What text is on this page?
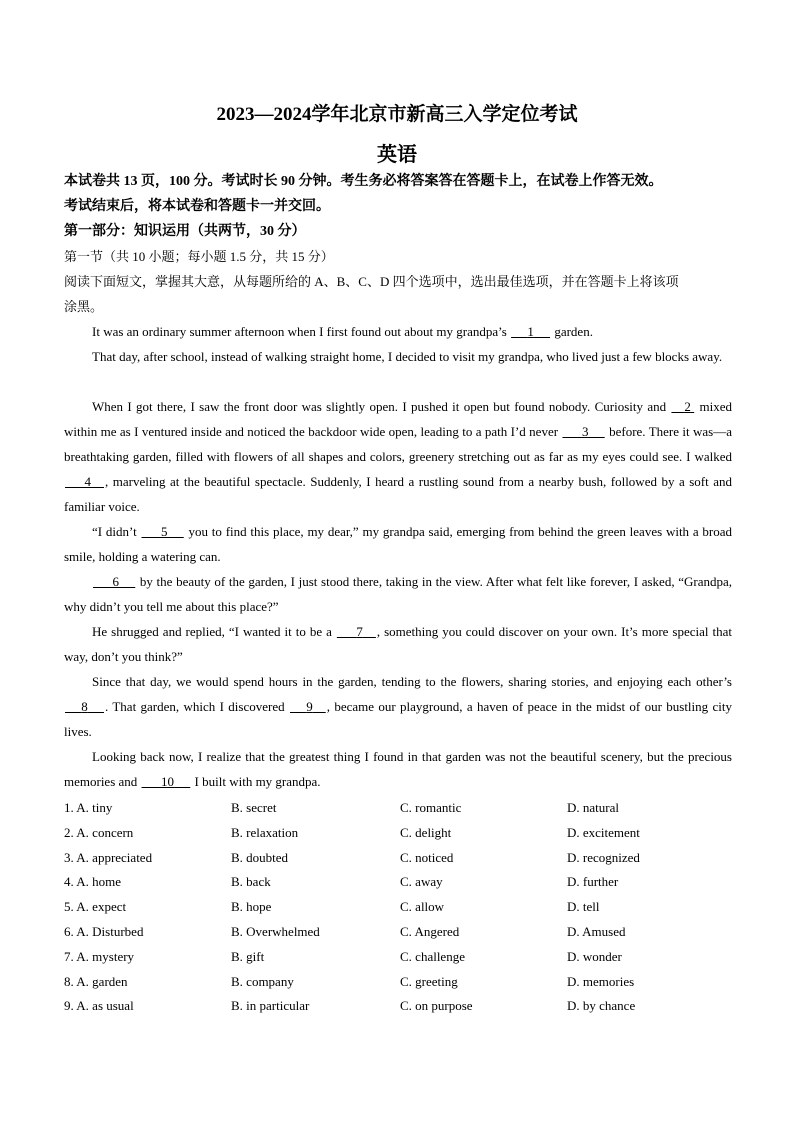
2023—2024学年北京市新高三入学定位考试
英语
本试卷共 13 页，100 分。考试时长 90 分钟。考生务必将答案答在答题卡上，在试卷上作答无效。
考试结束后，将本试卷和答题卡一并交回。
第一部分：知识运用（共两节，30 分）
第一节（共 10 小题；每小题 1.5 分，共 15 分）
阅读下面短文，掌握其大意，从每题所给的 A、B、C、D 四个选项中，选出最佳选项，并在答题卡上将该项
涂黑。
It was an ordinary summer afternoon when I first found out about my grandpa’s      1      garden.
That day, after school, instead of walking straight home, I decided to visit my grandpa, who lived just a few blocks away.
When I got there, I saw the front door was slightly open. I pushed it open but found nobody. Curiosity and     2  mixed within me as I ventured inside and noticed the backdoor wide open, leading to a path I’d never       3      before. There it was—a breathtaking garden, filled with flowers of all shapes and colors, greenery stretching out as far as my eyes could see. I walked       4 , marveling at the beautiful spectacle. Suddenly, I heard a rustling sound from a nearby bush, followed by a soft and familiar voice.
“I didn’t       5      you to find this place, my dear,” my grandpa said, emerging from behind the green leaves with a broad smile, holding a watering can.
6      by the beauty of the garden, I just stood there, taking in the view. After what felt like forever, I asked, “Grandpa, why didn’t you tell me about this place?”
He shrugged and replied, “I wanted it to be a       7 , something you could discover on your own. It’s more special that way, don’t you think?”
Since that day, we would spend hours in the garden, tending to the flowers, sharing stories, and enjoying each other’s      8 . That garden, which I discovered      9 , became our playground, a haven of peace in the midst of our bustling city lives.
Looking back now, I realize that the greatest thing I found in that garden was not the beautiful scenery, but the precious memories and       10      I built with my grandpa.
1. A. tiny	B. secret	C. romantic	D. natural
2. A. concern	B. relaxation	C. delight	D. excitement
3. A. appreciated	B. doubted	C. noticed	D. recognized
4. A. home	B. back	C. away	D. further
5. A. expect	B. hope	C. allow	D. tell
6. A. Disturbed	B. Overwhelmed	C. Angered	D. Amused
7. A. mystery	B. gift	C. challenge	D. wonder
8. A. garden	B. company	C. greeting	D. memories
9. A. as usual	B. in particular	C. on purpose	D. by chance
